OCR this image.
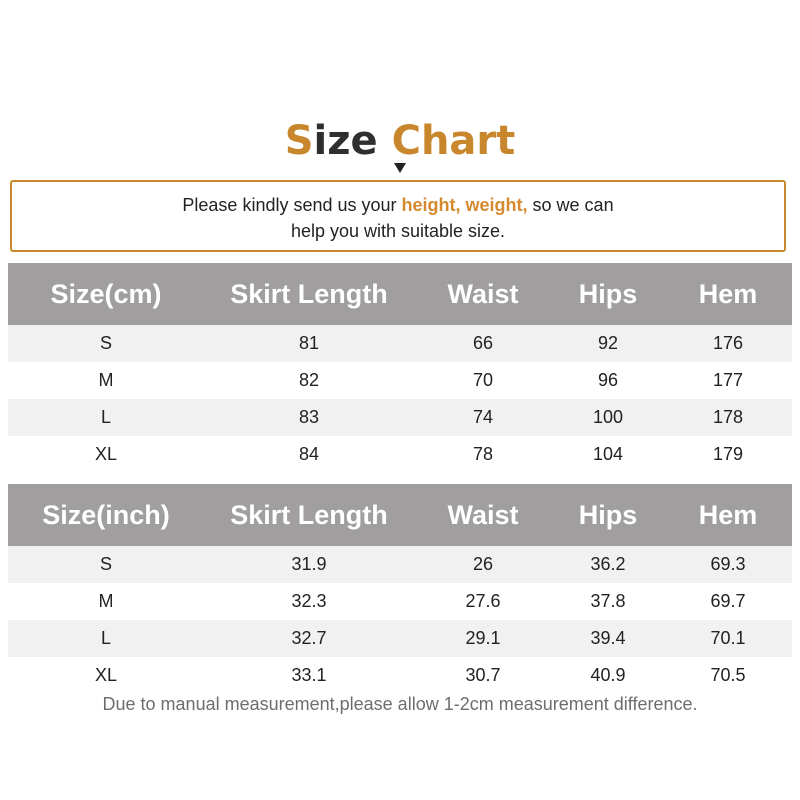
Size Chart
Please kindly send us your height, weight, so we can
help you with suitable size.
Size(cm)	Skirt Length	Waist	Hips	Hem
S	81	66	92	176
M	82	70	96	177
L	83	74	100	178
XL	84	78	104	179
Size(inch)	Skirt Length	Waist	Hips	Hem
S	31.9	26	36.2	69.3
M	32.3	27.6	37.8	69.7
L	32.7	29.1	39.4	70.1
XL	33.1	30.7	40.9	70.5
Due to manual measurement,please allow 1-2cm measurement difference.
